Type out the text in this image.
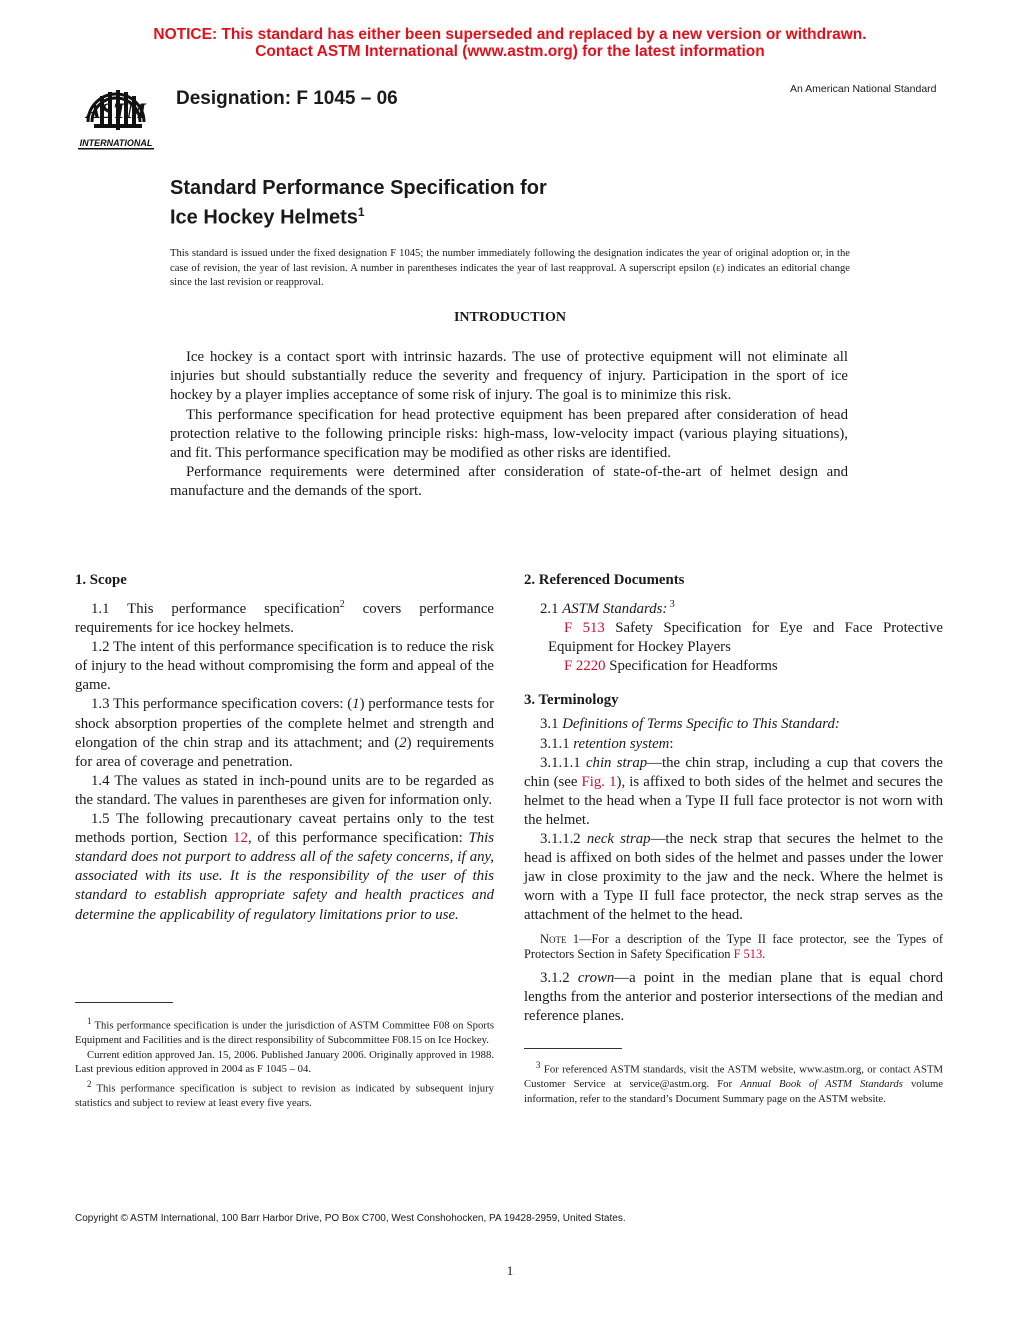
NOTICE: This standard has either been superseded and replaced by a new version or withdrawn.
Contact ASTM International (www.astm.org) for the latest information
ASTM
INTERNATIONAL
Designation: F 1045 – 06	An American National Standard
Standard Performance Specification for
Ice Hockey Helmets$^1$
This standard is issued under the fixed designation F 1045; the number immediately following the designation indicates the year of original adoption or, in the case of revision, the year of last revision. A number in parentheses indicates the year of last reapproval. A superscript epsilon (ε) indicates an editorial change since the last revision or reapproval.
INTRODUCTION

Ice hockey is a contact sport with intrinsic hazards. The use of protective equipment will not eliminate all injuries but should substantially reduce the severity and frequency of injury. Participation in the sport of ice hockey by a player implies acceptance of some risk of injury. The goal is to minimize this risk.

This performance specification for head protective equipment has been prepared after consideration of head protection relative to the following principle risks: high-mass, low-velocity impact (various playing situations), and fit. This performance specification may be modified as other risks are identified.

Performance requirements were determined after consideration of state-of-the-art of helmet design and manufacture and the demands of the sport.

1. Scope

1.1 This performance specification$^2$ covers performance requirements for ice hockey helmets.

1.2 The intent of this performance specification is to reduce the risk of injury to the head without compromising the form and appeal of the game.

1.3 This performance specification covers: (1) performance tests for shock absorption properties of the complete helmet and strength and elongation of the chin strap and its attachment; and (2) requirements for area of coverage and penetration.

1.4 The values as stated in inch-pound units are to be regarded as the standard. The values in parentheses are given for information only.

1.5 The following precautionary caveat pertains only to the test methods portion, Section 12, of this performance specification: This standard does not purport to address all of the safety concerns, if any, associated with its use. It is the responsibility of the user of this standard to establish appropriate safety and health practices and determine the applicability of regulatory limitations prior to use.

2. Referenced Documents

2.1 ASTM Standards: $^3$

F 513 Safety Specification for Eye and Face Protective Equipment for Hockey Players

F 2220 Specification for Headforms

3. Terminology

3.1 Definitions of Terms Specific to This Standard:

3.1.1 retention system:

3.1.1.1 chin strap—the chin strap, including a cup that covers the chin (see Fig. 1), is affixed to both sides of the helmet and secures the helmet to the head when a Type II full face protector is not worn with the helmet.

3.1.1.2 neck strap—the neck strap that secures the helmet to the head is affixed on both sides of the helmet and passes under the lower jaw in close proximity to the jaw and the neck. Where the helmet is worn with a Type II full face protector, the neck strap serves as the attachment of the helmet to the head.

Note 1—For a description of the Type II face protector, see the Types of Protectors Section in Safety Specification F 513.

3.1.2 crown—a point in the median plane that is equal chord lengths from the anterior and posterior intersections of the median and reference planes.

$^1$ This performance specification is under the jurisdiction of ASTM Committee F08 on Sports Equipment and Facilities and is the direct responsibility of Subcommittee F08.15 on Ice Hockey.

Current edition approved Jan. 15, 2006. Published January 2006. Originally approved in 1988. Last previous edition approved in 2004 as F 1045 – 04.

$^2$ This performance specification is subject to revision as indicated by subsequent injury statistics and subject to review at least every five years.

$^3$ For referenced ASTM standards, visit the ASTM website, www.astm.org, or contact ASTM Customer Service at service@astm.org. For Annual Book of ASTM Standards volume information, refer to the standard’s Document Summary page on the ASTM website.

Copyright © ASTM International, 100 Barr Harbor Drive, PO Box C700, West Conshohocken, PA 19428-2959, United States.
1
